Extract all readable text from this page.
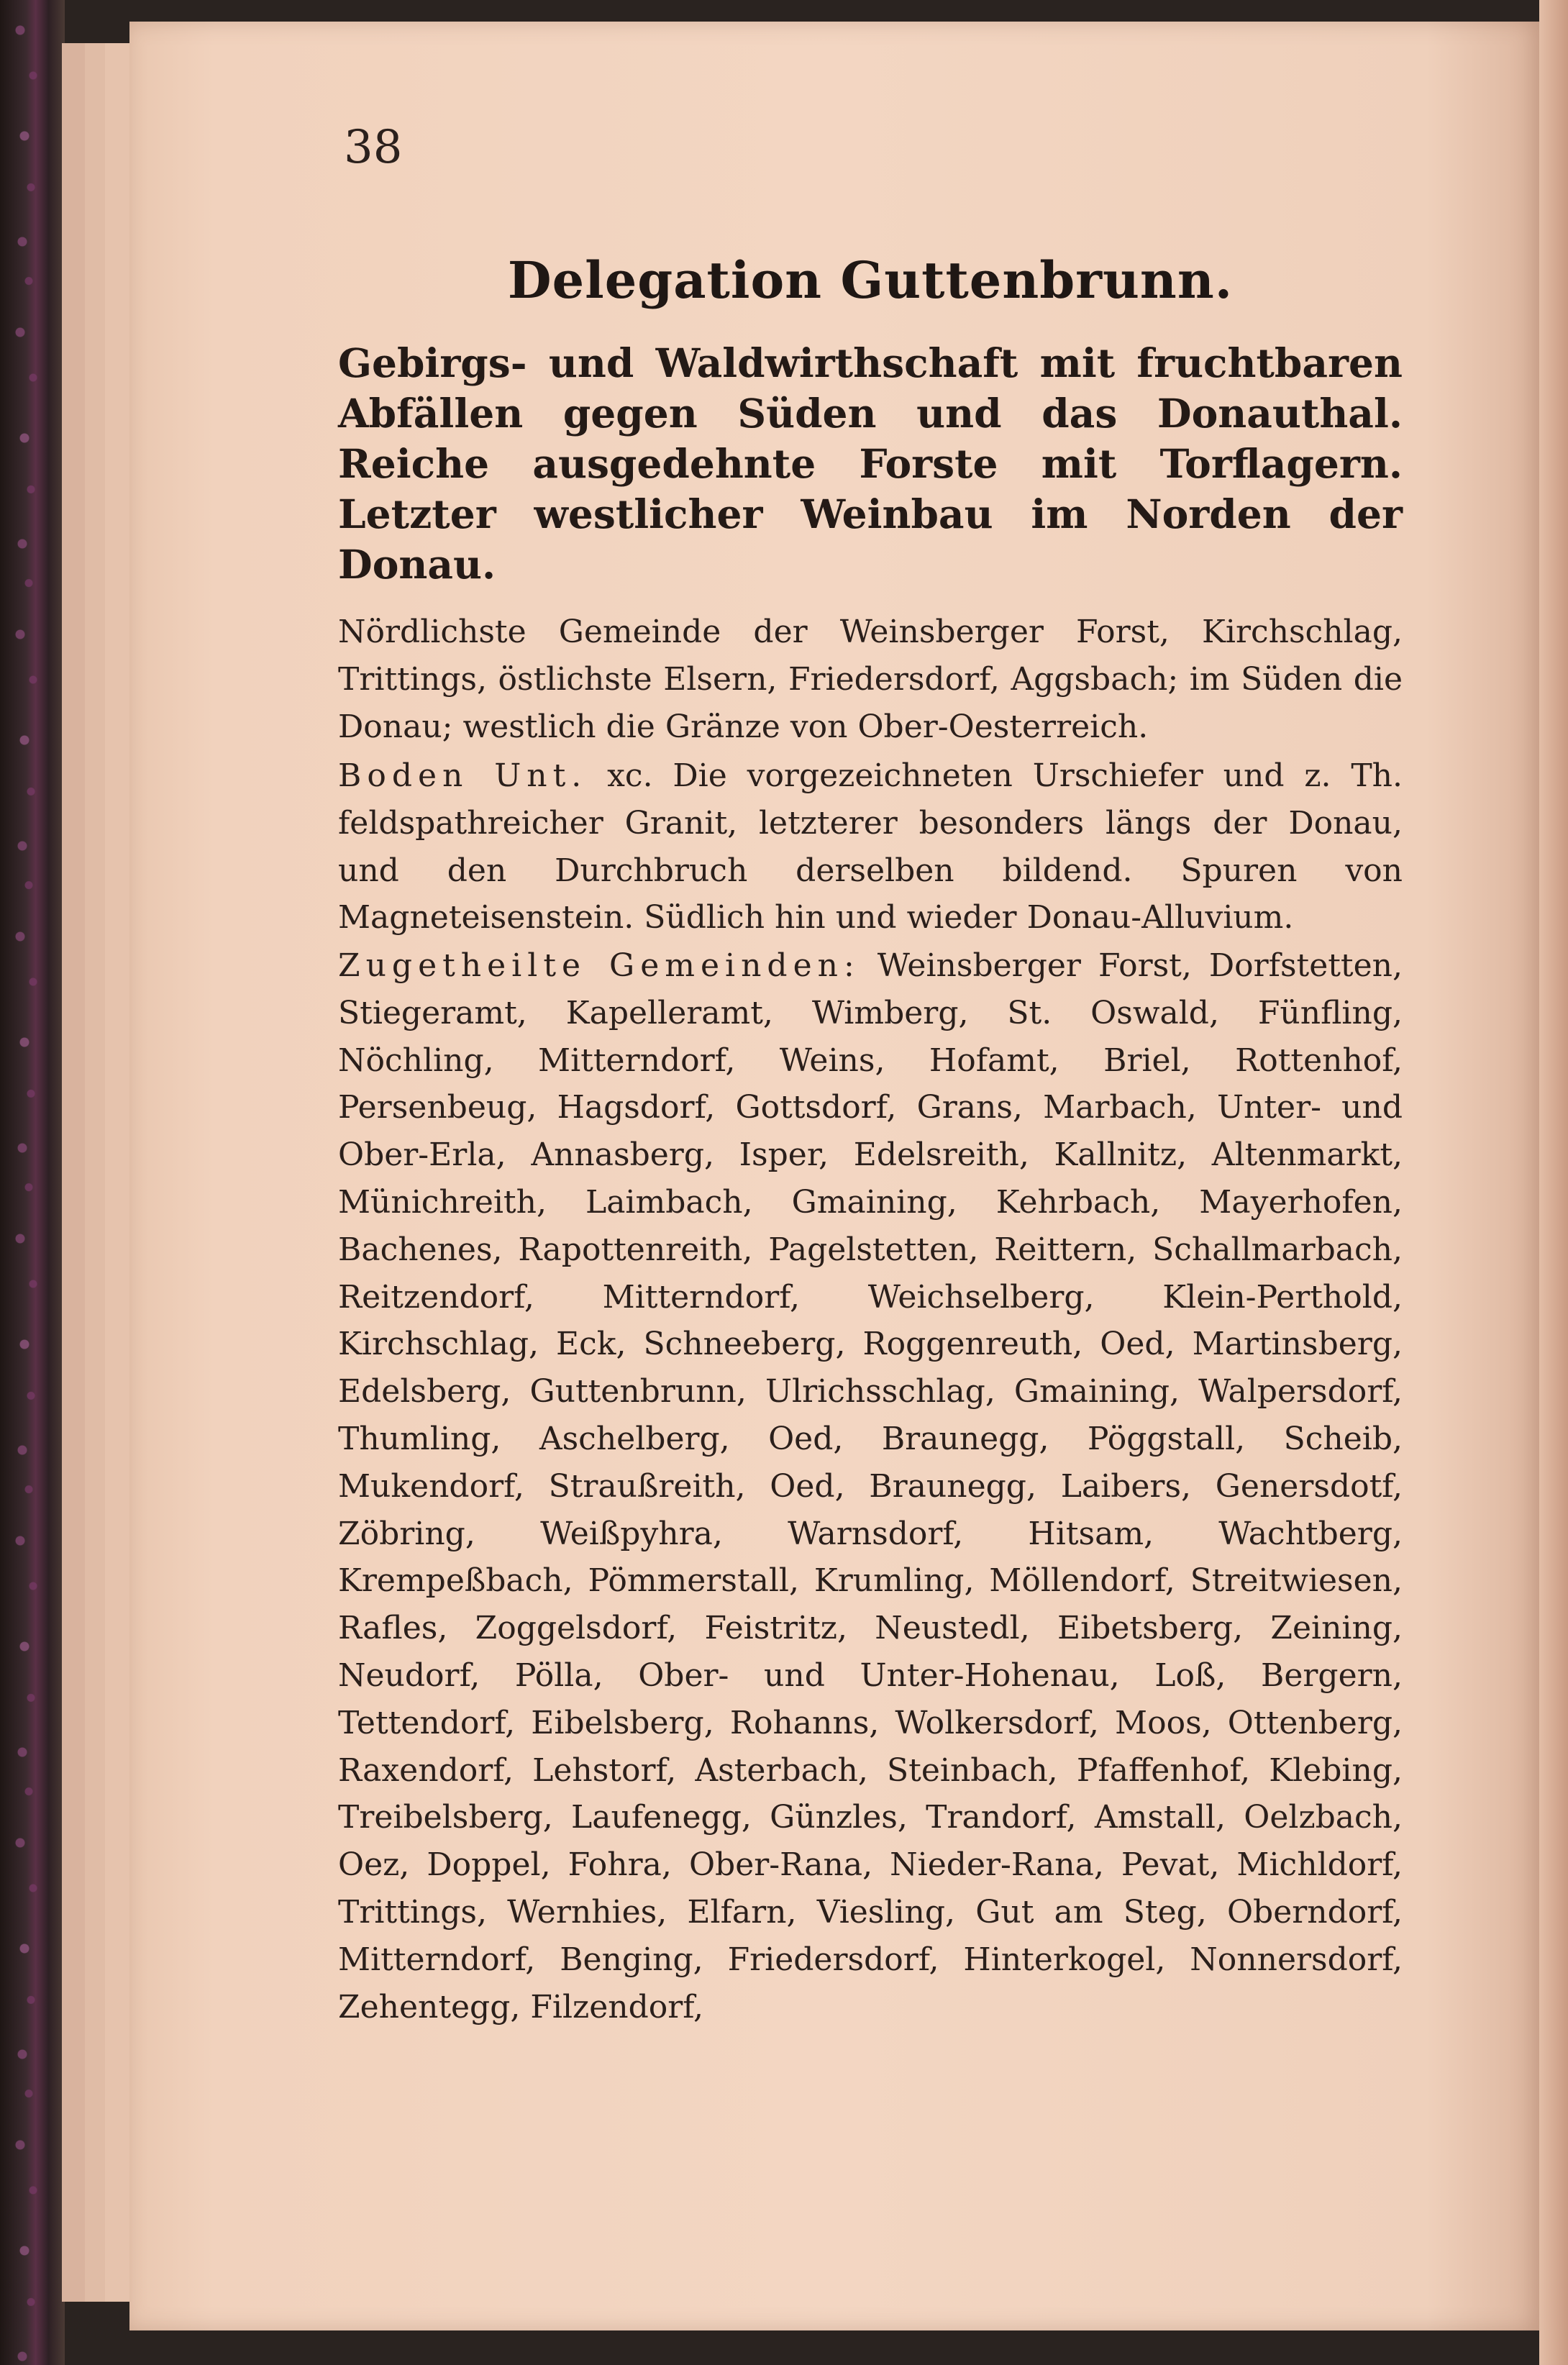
38
Delegation Guttenbrunn.
Gebirgs- und Waldwirthschaft mit fruchtbaren Abfällen gegen Süden und das Donauthal. Reiche ausgedehnte Forste mit Torflagern. Letzter westlicher Weinbau im Norden der Donau.
Nördlichste Gemeinde der Weinsberger Forst, Kirchschlag, Trittings, östlichste Elsern, Friedersdorf, Aggsbach; im Süden die Donau; westlich die Gränze von Ober-Oesterreich.
Boden Unt. xc. Die vorgezeichneten Urschiefer und z. Th. feldspathreicher Granit, letzterer besonders längs der Donau, und den Durchbruch derselben bildend. Spuren von Magneteisenstein. Südlich hin und wieder Donau-Alluvium.
Zugetheilte Gemeinden: Weinsberger Forst, Dorfstetten, Stiegeramt, Kapelleramt, Wimberg, St. Oswald, Fünfling, Nöchling, Mitterndorf, Weins, Hofamt, Briel, Rottenhof, Persenbeug, Hagsdorf, Gottsdorf, Grans, Marbach, Unter- und Ober-Erla, Annasberg, Isper, Edelsreith, Kallnitz, Altenmarkt, Münichreith, Laimbach, Gmaining, Kehrbach, Mayerhofen, Bachenes, Rapottenreith, Pagelstetten, Reittern, Schallmarbach, Reitzendorf, Mitterndorf, Weichselberg, Klein-Perthold, Kirchschlag, Eck, Schneeberg, Roggenreuth, Oed, Martinsberg, Edelsberg, Guttenbrunn, Ulrichsschlag, Gmaining, Walpersdorf, Thumling, Aschelberg, Oed, Braunegg, Pöggstall, Scheib, Mukendorf, Straußreith, Oed, Braunegg, Laibers, Genersdotf, Zöbring, Weißpyhra, Warnsdorf, Hitsam, Wachtberg, Krempeßbach, Pömmerstall, Krumling, Möllendorf, Streitwiesen, Rafles, Zoggelsdorf, Feistritz, Neustedl, Eibetsberg, Zeining, Neudorf, Pölla, Ober- und Unter-Hohenau, Loß, Bergern, Tettendorf, Eibelsberg, Rohanns, Wolkersdorf, Moos, Ottenberg, Raxendorf, Lehstorf, Asterbach, Steinbach, Pfaffenhof, Klebing, Treibelsberg, Laufenegg, Günzles, Trandorf, Amstall, Oelzbach, Oez, Doppel, Fohra, Ober-Rana, Nieder-Rana, Pevat, Michldorf, Trittings, Wernhies, Elfarn, Viesling, Gut am Steg, Oberndorf, Mitterndorf, Benging, Friedersdorf, Hinterkogel, Nonnersdorf, Zehentegg, Filzendorf,
